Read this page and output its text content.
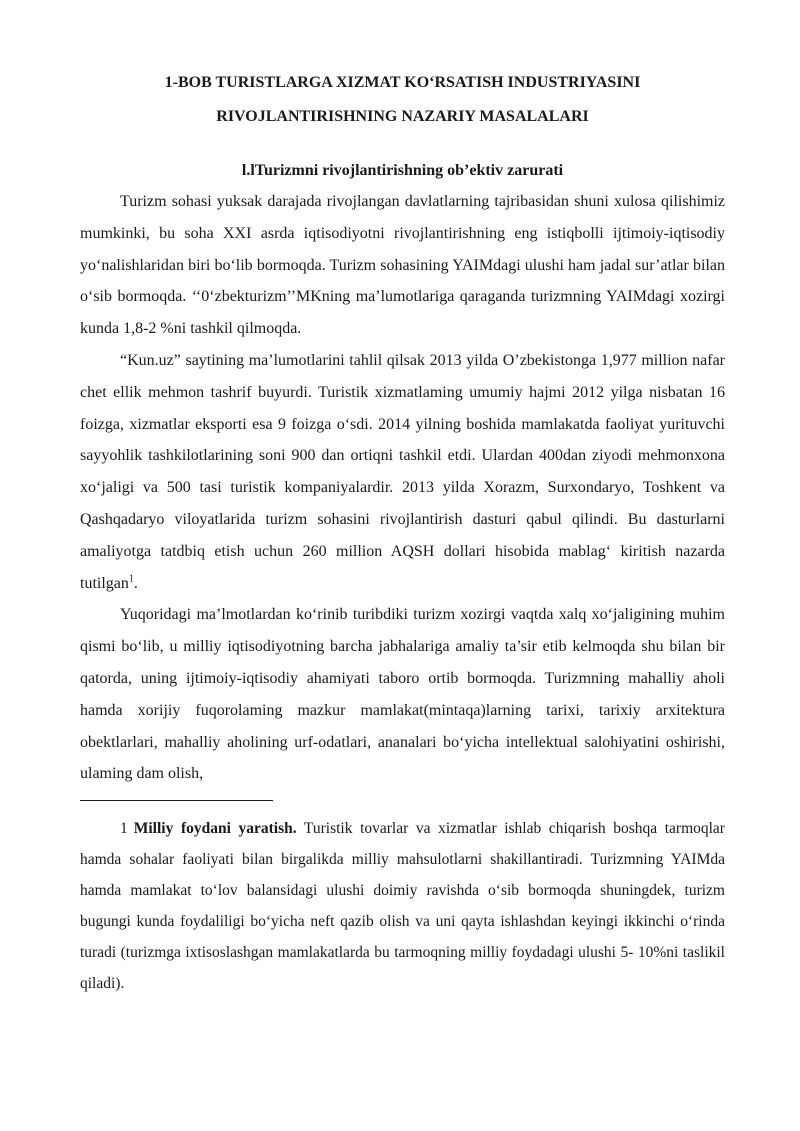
1-BOB TURISTLARGA XIZMAT KO‘RSATISH INDUSTRIYASINI
RIVOJLANTIRISHNING NAZARIY MASALALARI

l.lTurizmni rivojlantirishning ob’ektiv zarurati

Turizm sohasi yuksak darajada rivojlangan davlatlarning tajribasidan shuni xulosa qilishimiz mumkinki, bu soha XXI asrda iqtisodiyotni rivojlantirishning eng istiqbolli ijtimoiy-iqtisodiy yo‘nalishlaridan biri bo‘lib bormoqda. Turizm sohasining YAIMdagi ulushi ham jadal sur’atlar bilan o‘sib bormoqda. ‘‘0‘zbekturizm’’MKning ma’lumotlariga qaraganda turizmning YAIMdagi xozirgi kunda 1,8-2 %ni tashkil qilmoqda.

“Kun.uz” saytining ma’lumotlarini tahlil qilsak 2013 yilda O’zbekistonga 1,977 million nafar chet ellik mehmon tashrif buyurdi. Turistik xizmatlaming umumiy hajmi 2012 yilga nisbatan 16 foizga, xizmatlar eksporti esa 9 foizga o‘sdi. 2014 yilning boshida mamlakatda faoliyat yurituvchi sayyohlik tashkilotlarining soni 900 dan ortiqni tashkil etdi. Ulardan 400dan ziyodi mehmonxona xo‘jaligi va 500 tasi turistik kompaniyalardir. 2013 yilda Xorazm, Surxondaryo, Toshkent va Qashqadaryo viloyatlarida turizm sohasini rivojlantirish dasturi qabul qilindi. Bu dasturlarni amaliyotga tatdbiq etish uchun 260 million AQSH dollari hisobida mablag‘ kiritish nazarda tutilgan$^1$.

Yuqoridagi ma’lmotlardan ko‘rinib turibdiki turizm xozirgi vaqtda xalq xo‘jaligining muhim qismi bo‘lib, u milliy iqtisodiyotning barcha jabhalariga amaliy ta’sir etib kelmoqda shu bilan bir qatorda, uning ijtimoiy-iqtisodiy ahamiyati taboro ortib bormoqda. Turizmning mahalliy aholi hamda xorijiy fuqorolaming mazkur mamlakat(mintaqa)larning tarixi, tarixiy arxitektura obektlarlari, mahalliy aholining urf-odatlari, ananalari bo‘yicha intellektual salohiyatini oshirishi, ulaming dam olish,

1 Milliy foydani yaratish. Turistik tovarlar va xizmatlar ishlab chiqarish boshqa tarmoqlar hamda sohalar faoliyati bilan birgalikda milliy mahsulotlarni shakillantiradi. Turizmning YAIMda hamda mamlakat to‘lov balansidagi ulushi doimiy ravishda o‘sib bormoqda shuningdek, turizm bugungi kunda foydaliligi bo‘yicha neft qazib olish va uni qayta ishlashdan keyingi ikkinchi o‘rinda turadi (turizmga ixtisoslashgan mamlakatlarda bu tarmoqning milliy foydadagi ulushi 5- 10%ni taslikil qiladi).
